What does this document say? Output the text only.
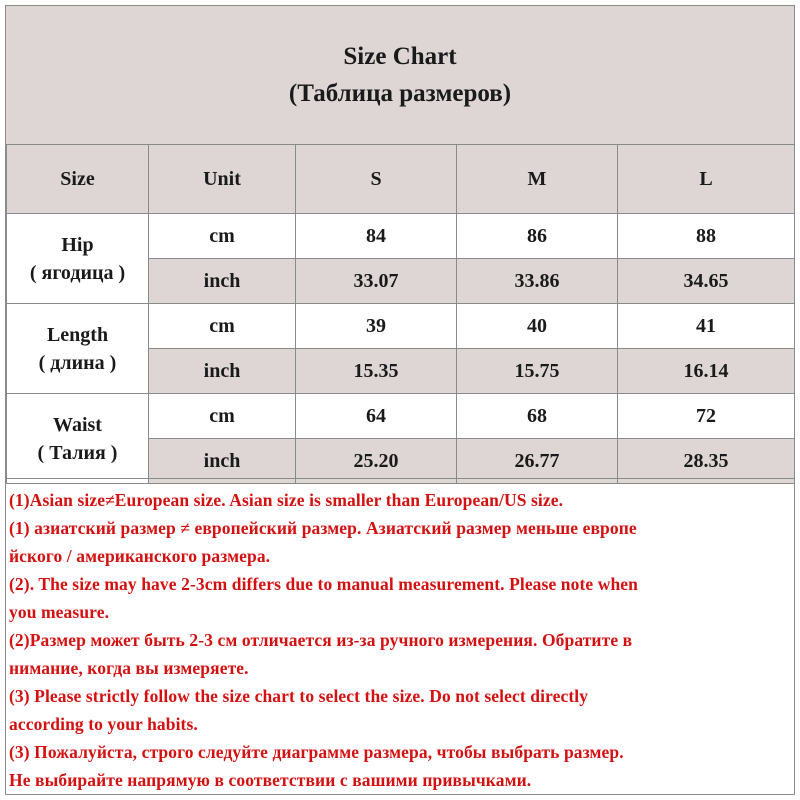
Size Chart
(Таблица размеров)
Size	Unit	S	M	L

Hip
( ягодица )	cm	84	86	88
	inch	33.07	33.86	34.65

Length
( длина )	cm	39	40	41
	inch	15.35	15.75	16.14

Waist
( Талия )	cm	64	68	72
	inch	25.20	26.77	28.35
(1)Asian size≠European size. Asian size is smaller than European/US size.
(1) азиатский размер ≠ европейский размер. Азиатский размер меньше европе
йского / американского размера.
(2). The size may have 2-3cm differs due to manual measurement. Please note when
you measure.
(2)Размер может быть 2-3 см отличается из-за ручного измерения. Обратите в
нимание, когда вы измеряете.
(3) Please strictly follow the size chart to select the size. Do not select directly
according to your habits.
(3) Пожалуйста, строго следуйте диаграмме размера, чтобы выбрать размер.
Не выбирайте напрямую в соответствии с вашими привычками.
